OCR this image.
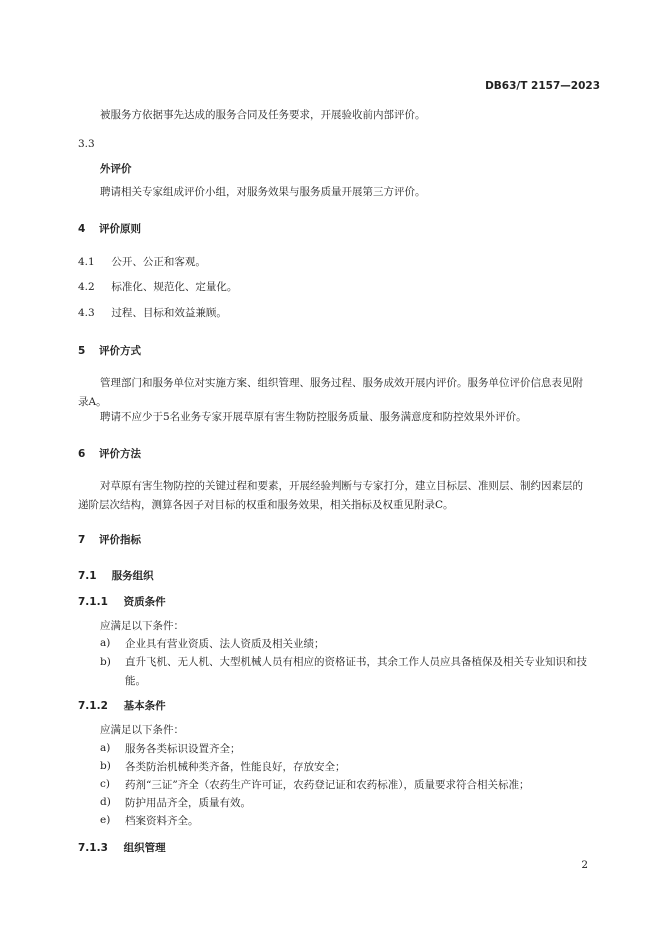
DB63/T 2157—2023
被服务方依据事先达成的服务合同及任务要求，开展验收前内部评价。
3.3
外评价
聘请相关专家组成评价小组，对服务效果与服务质量开展第三方评价。
4 评价原则
4.1 公开、公正和客观。
4.2 标准化、规范化、定量化。
4.3 过程、目标和效益兼顾。
5 评价方式
管理部门和服务单位对实施方案、组织管理、服务过程、服务成效开展内评价。服务单位评价信息表见附录A。
聘请不应少于5名业务专家开展草原有害生物防控服务质量、服务满意度和防控效果外评价。
6 评价方法
对草原有害生物防控的关键过程和要素，开展经验判断与专家打分，建立目标层、准则层、制约因素层的递阶层次结构，测算各因子对目标的权重和服务效果，相关指标及权重见附录C。
7 评价指标
7.1 服务组织
7.1.1 资质条件
应满足以下条件：
a) 企业具有营业资质、法人资质及相关业绩；
b) 直升飞机、无人机、大型机械人员有相应的资格证书，其余工作人员应具备植保及相关专业知识和技能。
7.1.2 基本条件
应满足以下条件：
a) 服务各类标识设置齐全；
b) 各类防治机械种类齐备，性能良好，存放安全；
c) 药剂“三证”齐全（农药生产许可证，农药登记证和农药标准），质量要求符合相关标准；
d) 防护用品齐全，质量有效。
e) 档案资料齐全。
7.1.3 组织管理
2
